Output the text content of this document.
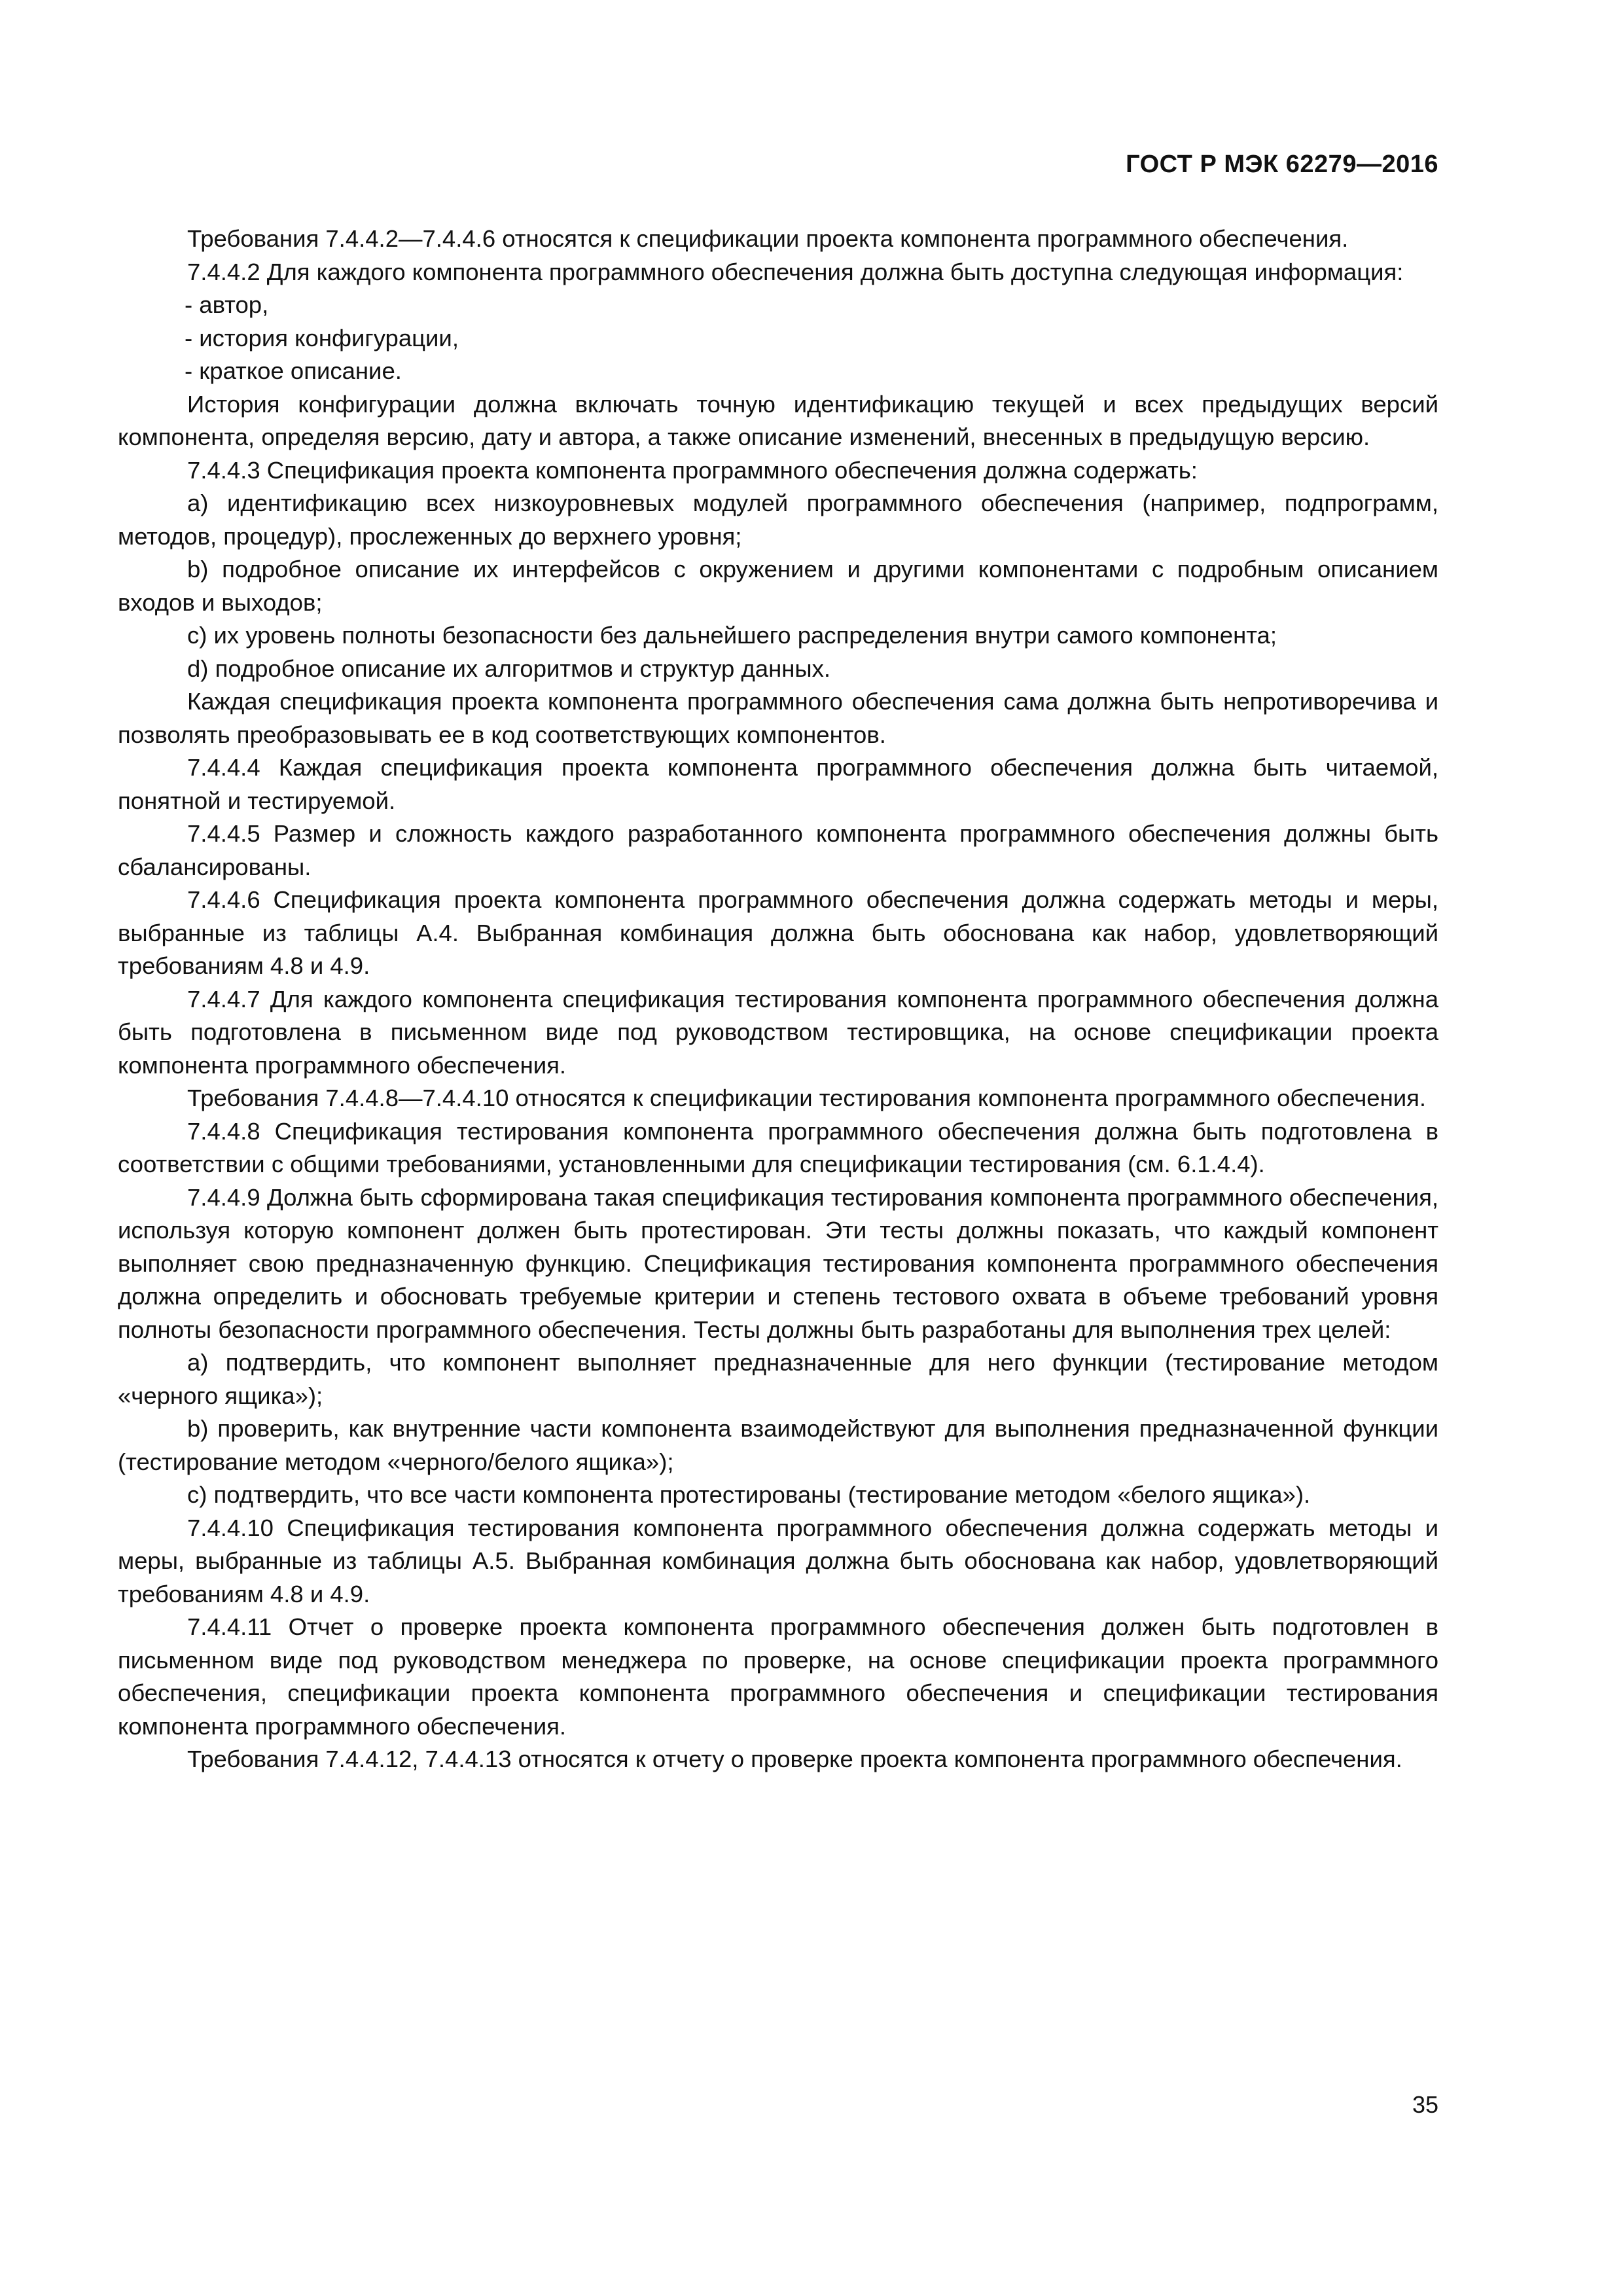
ГОСТ Р МЭК 62279—2016

Требования 7.4.4.2—7.4.4.6 относятся к спецификации проекта компонента программного обеспечения.

7.4.4.2 Для каждого компонента программного обеспечения должна быть доступна следующая информация:

- автор,

- история конфигурации,

- краткое описание.

История конфигурации должна включать точную идентификацию текущей и всех предыдущих версий компонента, определяя версию, дату и автора, а также описание изменений, внесенных в предыдущую версию.

7.4.4.3 Спецификация проекта компонента программного обеспечения должна содержать:

a) идентификацию всех низкоуровневых модулей программного обеспечения (например, подпрограмм, методов, процедур), прослеженных до верхнего уровня;

b) подробное описание их интерфейсов с окружением и другими компонентами с подробным описанием входов и выходов;

c) их уровень полноты безопасности без дальнейшего распределения внутри самого компонента;

d) подробное описание их алгоритмов и структур данных.

Каждая спецификация проекта компонента программного обеспечения сама должна быть непротиворечива и позволять преобразовывать ее в код соответствующих компонентов.

7.4.4.4 Каждая спецификация проекта компонента программного обеспечения должна быть читаемой, понятной и тестируемой.

7.4.4.5 Размер и сложность каждого разработанного компонента программного обеспечения должны быть сбалансированы.

7.4.4.6 Спецификация проекта компонента программного обеспечения должна содержать методы и меры, выбранные из таблицы А.4. Выбранная комбинация должна быть обоснована как набор, удовлетворяющий требованиям 4.8 и 4.9.

7.4.4.7 Для каждого компонента спецификация тестирования компонента программного обеспечения должна быть подготовлена в письменном виде под руководством тестировщика, на основе спецификации проекта компонента программного обеспечения.

Требования 7.4.4.8—7.4.4.10 относятся к спецификации тестирования компонента программного обеспечения.

7.4.4.8 Спецификация тестирования компонента программного обеспечения должна быть подготовлена в соответствии с общими требованиями, установленными для спецификации тестирования (см. 6.1.4.4).

7.4.4.9 Должна быть сформирована такая спецификация тестирования компонента программного обеспечения, используя которую компонент должен быть протестирован. Эти тесты должны показать, что каждый компонент выполняет свою предназначенную функцию. Спецификация тестирования компонента программного обеспечения должна определить и обосновать требуемые критерии и степень тестового охвата в объеме требований уровня полноты безопасности программного обеспечения. Тесты должны быть разработаны для выполнения трех целей:

a) подтвердить, что компонент выполняет предназначенные для него функции (тестирование методом «черного ящика»);

b) проверить, как внутренние части компонента взаимодействуют для выполнения предназначенной функции (тестирование методом «черного/белого ящика»);

c) подтвердить, что все части компонента протестированы (тестирование методом «белого ящика»).

7.4.4.10 Спецификация тестирования компонента программного обеспечения должна содержать методы и меры, выбранные из таблицы А.5. Выбранная комбинация должна быть обоснована как набор, удовлетворяющий требованиям 4.8 и 4.9.

7.4.4.11 Отчет о проверке проекта компонента программного обеспечения должен быть подготовлен в письменном виде под руководством менеджера по проверке, на основе спецификации проекта программного обеспечения, спецификации проекта компонента программного обеспечения и спецификации тестирования компонента программного обеспечения.

Требования 7.4.4.12, 7.4.4.13 относятся к отчету о проверке проекта компонента программного обеспечения.

35
